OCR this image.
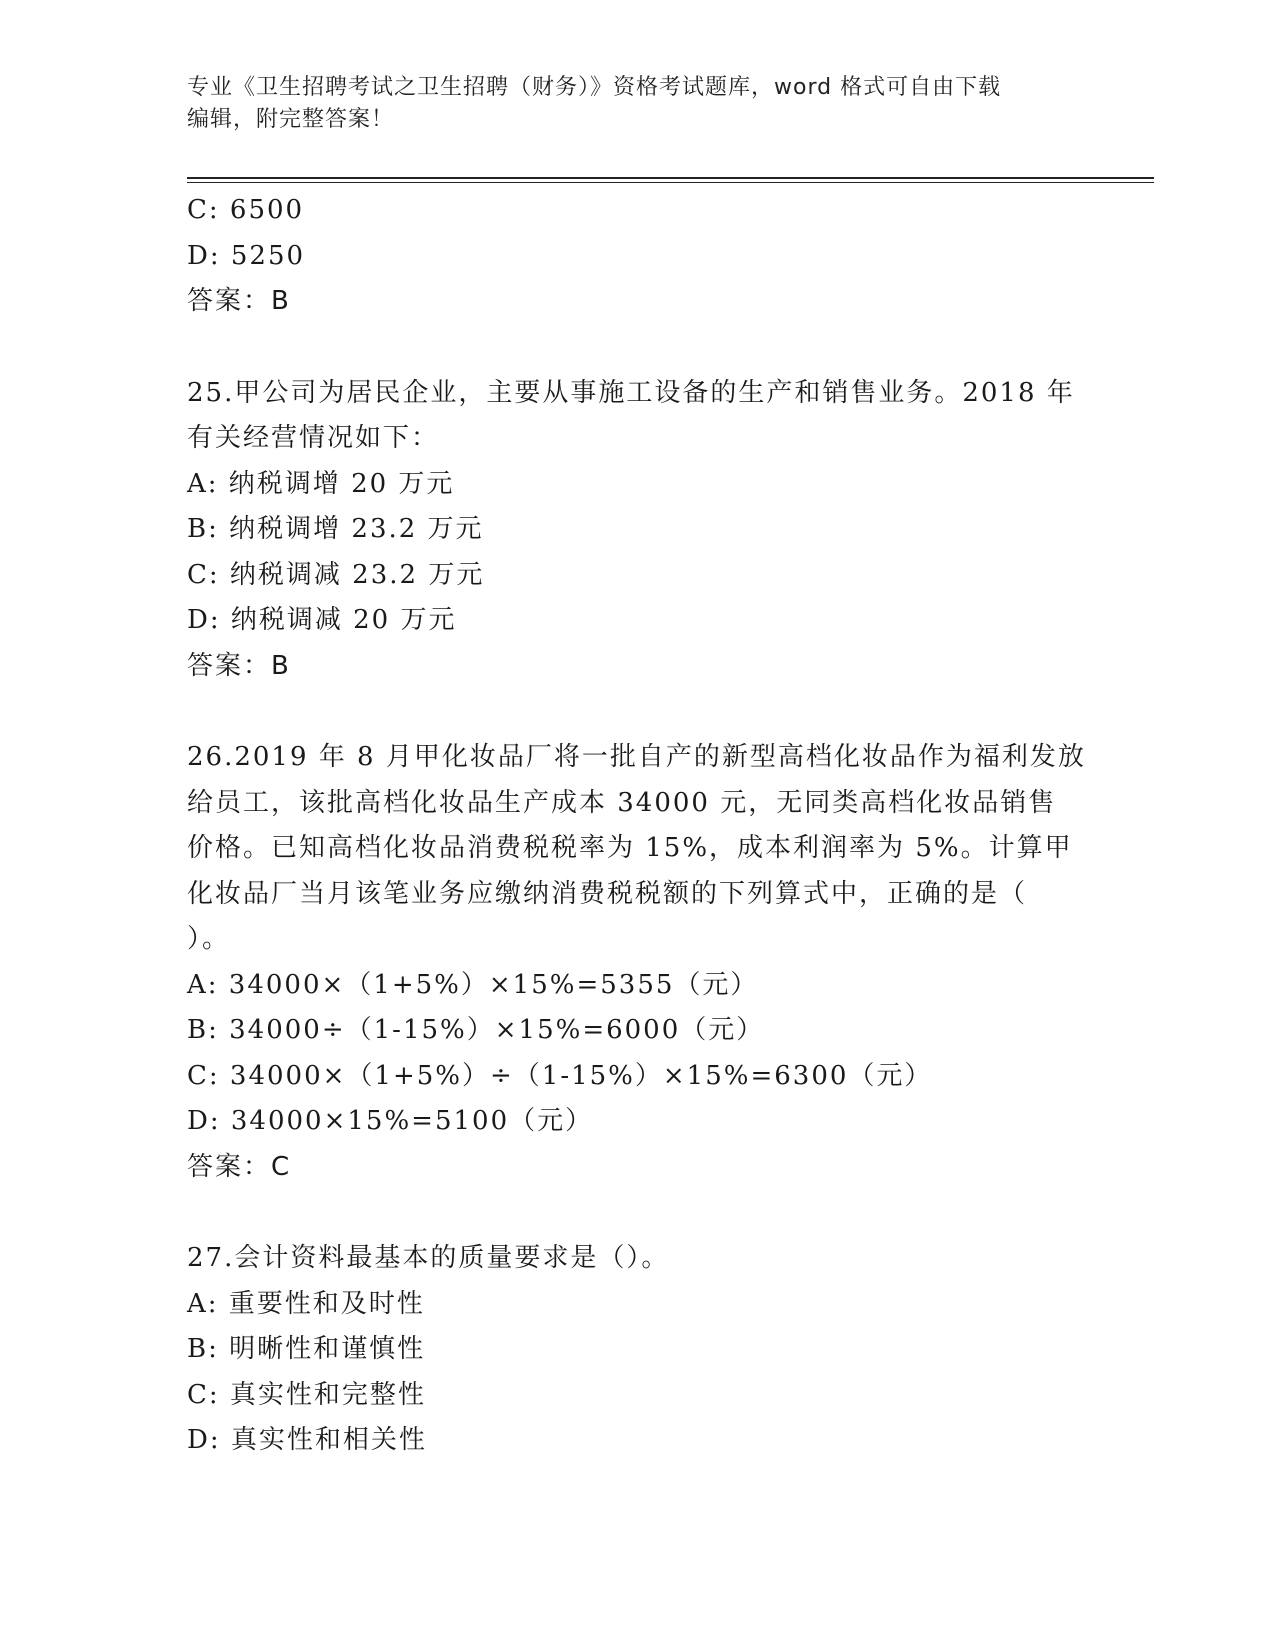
专业《卫生招聘考试之卫生招聘（财务）》资格考试题库，word 格式可自由下载
编辑，附完整答案！
C: 6500
D: 5250
答案：B
25.甲公司为居民企业，主要从事施工设备的生产和销售业务。2018 年
有关经营情况如下：
A: 纳税调增 20 万元
B: 纳税调增 23.2 万元
C: 纳税调减 23.2 万元
D: 纳税调减 20 万元
答案：B
26.2019 年 8 月甲化妆品厂将一批自产的新型高档化妆品作为福利发放
给员工，该批高档化妆品生产成本 34000 元，无同类高档化妆品销售
价格。已知高档化妆品消费税税率为 15%，成本利润率为 5%。计算甲
化妆品厂当月该笔业务应缴纳消费税税额的下列算式中，正确的是（
）。
A: 34000×（1+5%）×15%=5355（元）
B: 34000÷（1-15%）×15%=6000（元）
C: 34000×（1+5%）÷（1-15%）×15%=6300（元）
D: 34000×15%=5100（元）
答案：C
27.会计资料最基本的质量要求是（）。
A: 重要性和及时性
B: 明晰性和谨慎性
C: 真实性和完整性
D: 真实性和相关性
